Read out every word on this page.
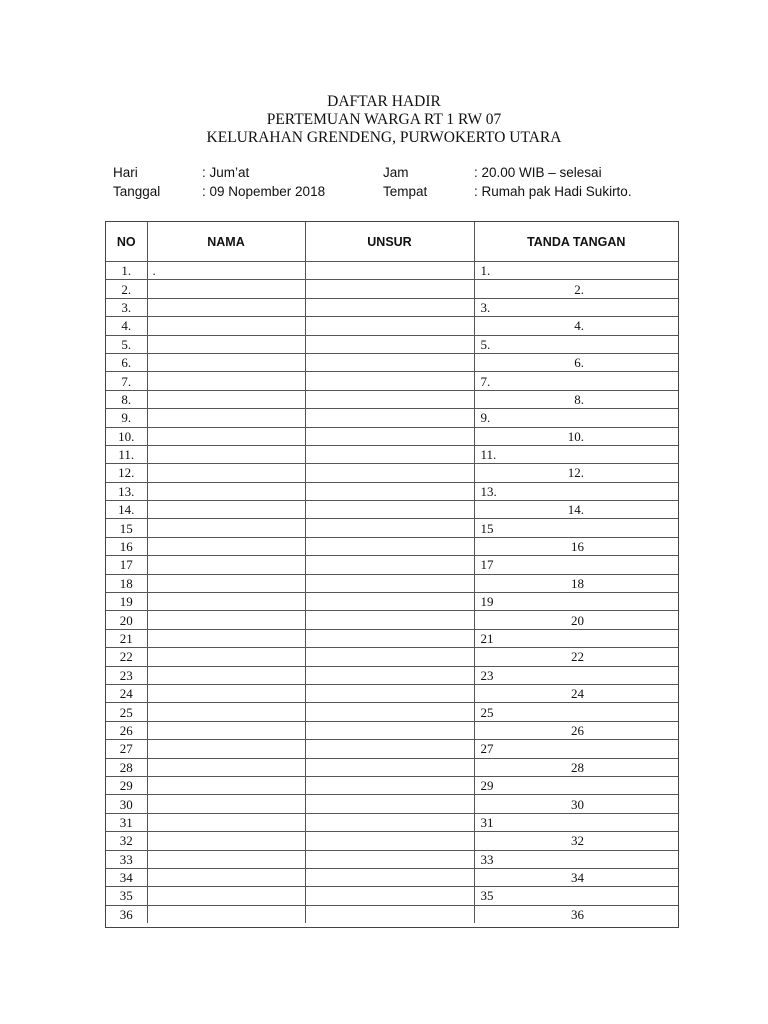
DAFTAR HADIR
PERTEMUAN WARGA RT 1 RW 07
KELURAHAN GRENDENG, PURWOKERTO UTARA
Hari	: Jum’at	Jam	: 20.00 WIB – selesai
Tanggal	: 09 Nopember 2018	Tempat	: Rumah pak Hadi Sukirto.
NO	NAMA	UNSUR	TANDA TANGAN
1.	.		1.
2.			2.
3.			3.
4.			4.
5.			5.
6.			6.
7.			7.
8.			8.
9.			9.
10.			10.
11.			11.
12.			12.
13.			13.
14.			14.
15			15
16			16
17			17
18			18
19			19
20			20
21			21
22			22
23			23
24			24
25			25
26			26
27			27
28			28
29			29
30			30
31			31
32			32
33			33
34			34
35			35
36			36
